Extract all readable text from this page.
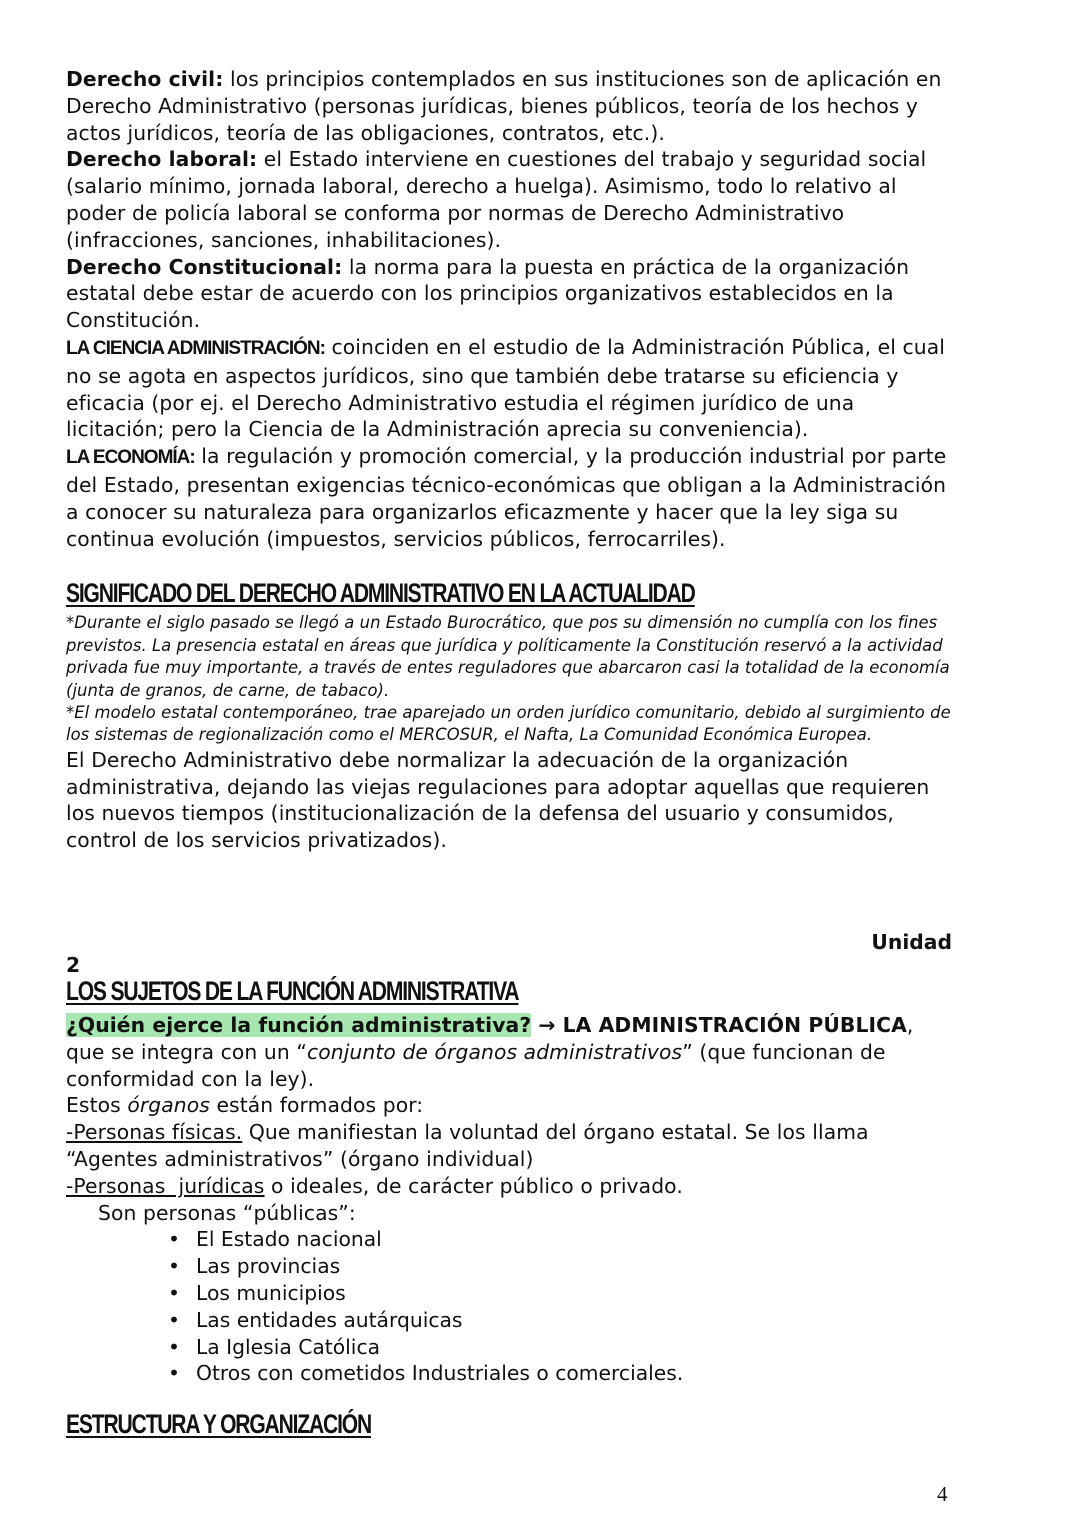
Derecho civil: los principios contemplados en sus instituciones son de aplicación en Derecho Administrativo (personas jurídicas, bienes públicos, teoría de los hechos y actos jurídicos, teoría de las obligaciones, contratos, etc.).

Derecho laboral: el Estado interviene en cuestiones del trabajo y seguridad social (salario mínimo, jornada laboral, derecho a huelga). Asimismo, todo lo relativo al poder de policía laboral se conforma por normas de Derecho Administrativo (infracciones, sanciones, inhabilitaciones).

Derecho Constitucional: la norma para la puesta en práctica de la organización estatal debe estar de acuerdo con los principios organizativos establecidos en la Constitución.

LA CIENCIA ADMINISTRACIÓN: coinciden en el estudio de la Administración Pública, el cual no se agota en aspectos jurídicos, sino que también debe tratarse su eficiencia y eficacia (por ej. el Derecho Administrativo estudia el régimen jurídico de una licitación; pero la Ciencia de la Administración aprecia su conveniencia).

LA ECONOMÍA: la regulación y promoción comercial, y la producción industrial por parte del Estado, presentan exigencias técnico-económicas que obligan a la Administración a conocer su naturaleza para organizarlos eficazmente y hacer que la ley siga su continua evolución (impuestos, servicios públicos, ferrocarriles).

SIGNIFICADO DEL DERECHO ADMINISTRATIVO EN LA ACTUALIDAD

*Durante el siglo pasado se llegó a un Estado Burocrático, que pos su dimensión no cumplía con los fines previstos. La presencia estatal en áreas que jurídica y políticamente la Constitución reservó a la actividad privada fue muy importante, a través de entes reguladores que abarcaron casi la totalidad de la economía (junta de granos, de carne, de tabaco).

*El modelo estatal contemporáneo, trae aparejado un orden jurídico comunitario, debido al surgimiento de los sistemas de regionalización como el MERCOSUR, el Nafta, La Comunidad Económica Europea.

El Derecho Administrativo debe normalizar la adecuación de la organización administrativa, dejando las viejas regulaciones para adoptar aquellas que requieren los nuevos tiempos (institucionalización de la defensa del usuario y consumidos, control de los servicios privatizados).

Unidad
2
LOS SUJETOS DE LA FUNCIÓN ADMINISTRATIVA

¿Quién ejerce la función administrativa? → LA ADMINISTRACIÓN PÚBLICA, que se integra con un “conjunto de órganos administrativos” (que funcionan de conformidad con la ley).

Estos órganos están formados por:

-Personas físicas. Que manifiestan la voluntad del órgano estatal. Se los llama “Agentes administrativos” (órgano individual)

-Personas  jurídicas o ideales, de carácter público o privado.

Son personas “públicas”:

• El Estado nacional
• Las provincias
• Los municipios
• Las entidades autárquicas
• La Iglesia Católica
• Otros con cometidos Industriales o comerciales.
ESTRUCTURA Y ORGANIZACIÓN
4
